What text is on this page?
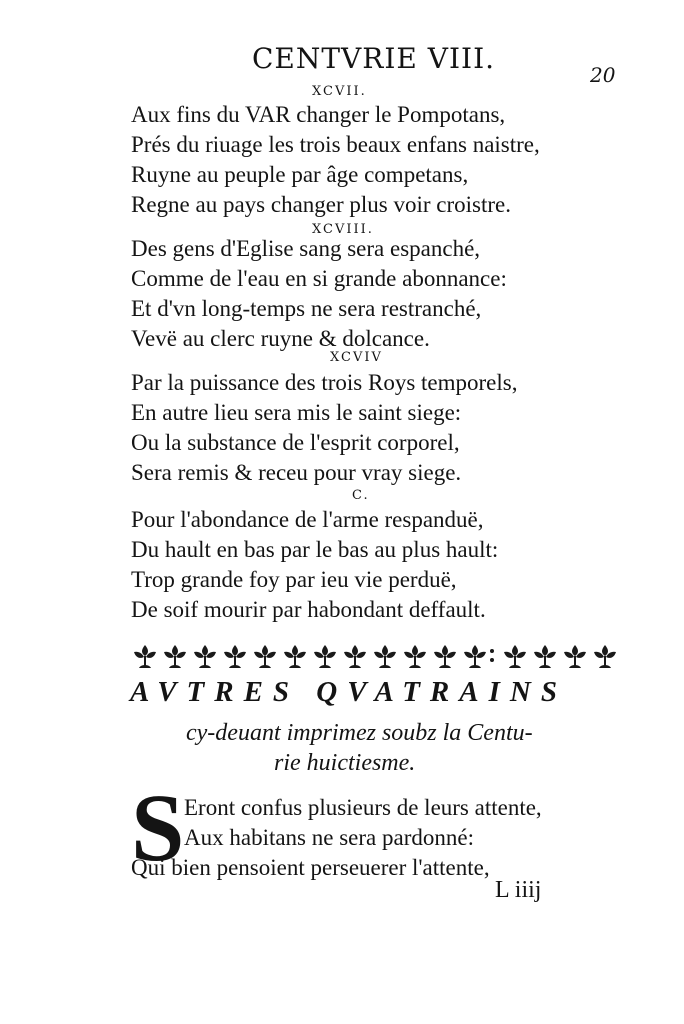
CENTVRIE VIII.	20
XCVII.
Aux fins du VAR changer le Pompotans,
Prés du riuage les trois beaux enfans naistre,
Ruyne au peuple par âge competans,
Regne au pays changer plus voir croistre.
XCVIII.
Des gens d'Eglise sang sera espanché,
Comme de l'eau en si grande abonnance:
Et d'vn long-temps ne sera restranché,
Vevë au clerc ruyne & dolcance.
XCVIV
Par la puissance des trois Roys temporels,
En autre lieu sera mis le saint siege:
Ou la substance de l'esprit corporel,
Sera remis & receu pour vray siege.
C.
Pour l'abondance de l'arme respanduë,
Du hault en bas par le bas au plus hault:
Trop grande foy par ieu vie perduë,
De soif mourir par habondant deffault.
AVTRES QVATRAINS
cy-deuant imprimez soubz la Centu-
rie huictiesme.
S Eront confus plusieurs de leurs attente,
Aux habitans ne sera pardonné:
Qui bien pensoient perseuerer l'attente,
L iiij
